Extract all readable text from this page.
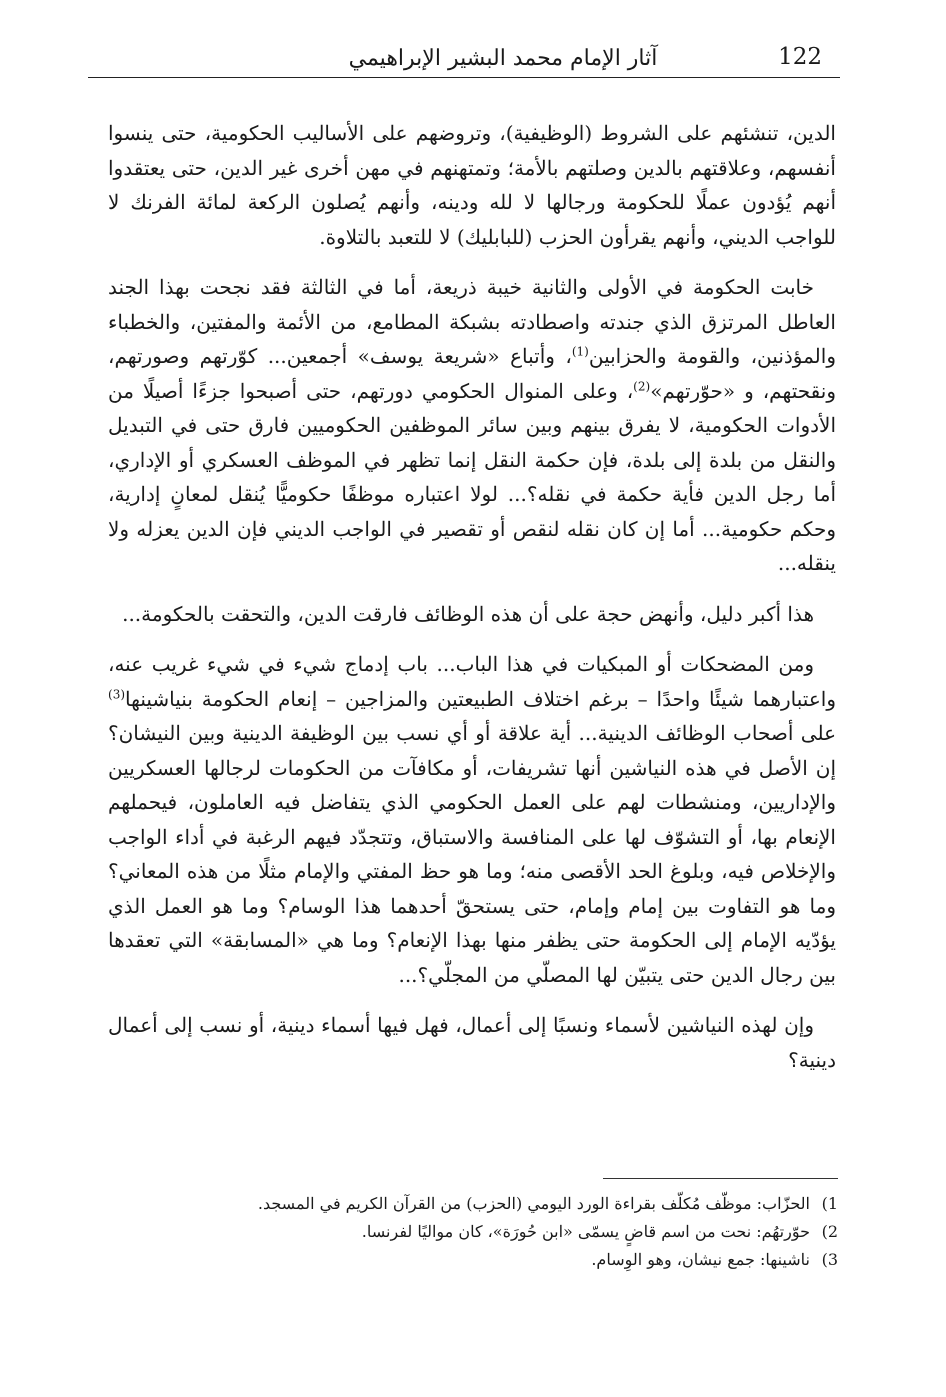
122
آثار الإمام محمد البشير الإبراهيمي

الدين، تنشئهم على الشروط (الوظيفية)، وتروضهم على الأساليب الحكومية، حتى ينسوا أنفسهم، وعلاقتهم بالدين وصلتهم بالأمة؛ وتمتهنهم في مهن أخرى غير الدين، حتى يعتقدوا أنهم يُؤدون عملًا للحكومة ورجالها لا لله ودينه، وأنهم يُصلون الركعة لمائة الفرنك لا للواجب الديني، وأنهم يقرأون الحزب (للبابليك) لا للتعبد بالتلاوة.

خابت الحكومة في الأولى والثانية خيبة ذريعة، أما في الثالثة فقد نجحت بهذا الجند العاطل المرتزق الذي جندته واصطادته بشبكة المطامع، من الأئمة والمفتين، والخطباء والمؤذنين، والقومة والحزابين$^{(1)}$، وأتباع «شريعة يوسف» أجمعين... كوّرتهم وصورتهم، ونقحتهم، و «حوّرتهم»$^{(2)}$، وعلى المنوال الحكومي دورتهم، حتى أصبحوا جزءًا أصيلًا من الأدوات الحكومية، لا يفرق بينهم وبين سائر الموظفين الحكوميين فارق حتى في التبديل والنقل من بلدة إلى بلدة، فإن حكمة النقل إنما تظهر في الموظف العسكري أو الإداري، أما رجل الدين فأية حكمة في نقله؟... لولا اعتباره موظفًا حكوميًّا يُنقل لمعانٍ إدارية، وحكم حكومية... أما إن كان نقله لنقص أو تقصير في الواجب الديني فإن الدين يعزله ولا ينقله...

هذا أكبر دليل، وأنهض حجة على أن هذه الوظائف فارقت الدين، والتحقت بالحكومة...

ومن المضحكات أو المبكيات في هذا الباب... باب إدماج شيء في شيء غريب عنه، واعتبارهما شيئًا واحدًا – برغم اختلاف الطبيعتين والمزاجين – إنعام الحكومة بنياشينها$^{(3)}$ على أصحاب الوظائف الدينية... أية علاقة أو أي نسب بين الوظيفة الدينية وبين النيشان؟ إن الأصل في هذه النياشين أنها تشريفات، أو مكافآت من الحكومات لرجالها العسكريين والإداريين، ومنشطات لهم على العمل الحكومي الذي يتفاضل فيه العاملون، فيحملهم الإنعام بها، أو التشوّف لها على المنافسة والاستباق، وتتجدّد فيهم الرغبة في أداء الواجب والإخلاص فيه، وبلوغ الحد الأقصى منه؛ وما هو حظ المفتي والإمام مثلًا من هذه المعاني؟ وما هو التفاوت بين إمام وإمام، حتى يستحقّ أحدهما هذا الوسام؟ وما هو العمل الذي يؤدّيه الإمام إلى الحكومة حتى يظفر منها بهذا الإنعام؟ وما هي «المسابقة» التي تعقدها بين رجال الدين حتى يتبيّن لها المصلّي من المجلّي؟...

وإن لهذه النياشين لأسماء ونسبًا إلى أعمال، فهل فيها أسماء دينية، أو نسب إلى أعمال دينية؟

1)الحزّاب: موظّف مُكلّف بقراءة الورد اليومي (الحزب) من القرآن الكريم في المسجد.

2)حوّرتهُم: نحت من اسم قاضٍ يسمّى «ابن حُورَة»، كان مواليًا لفرنسا.

3)ناشينها: جمع نيشان، وهو الوِسام.
